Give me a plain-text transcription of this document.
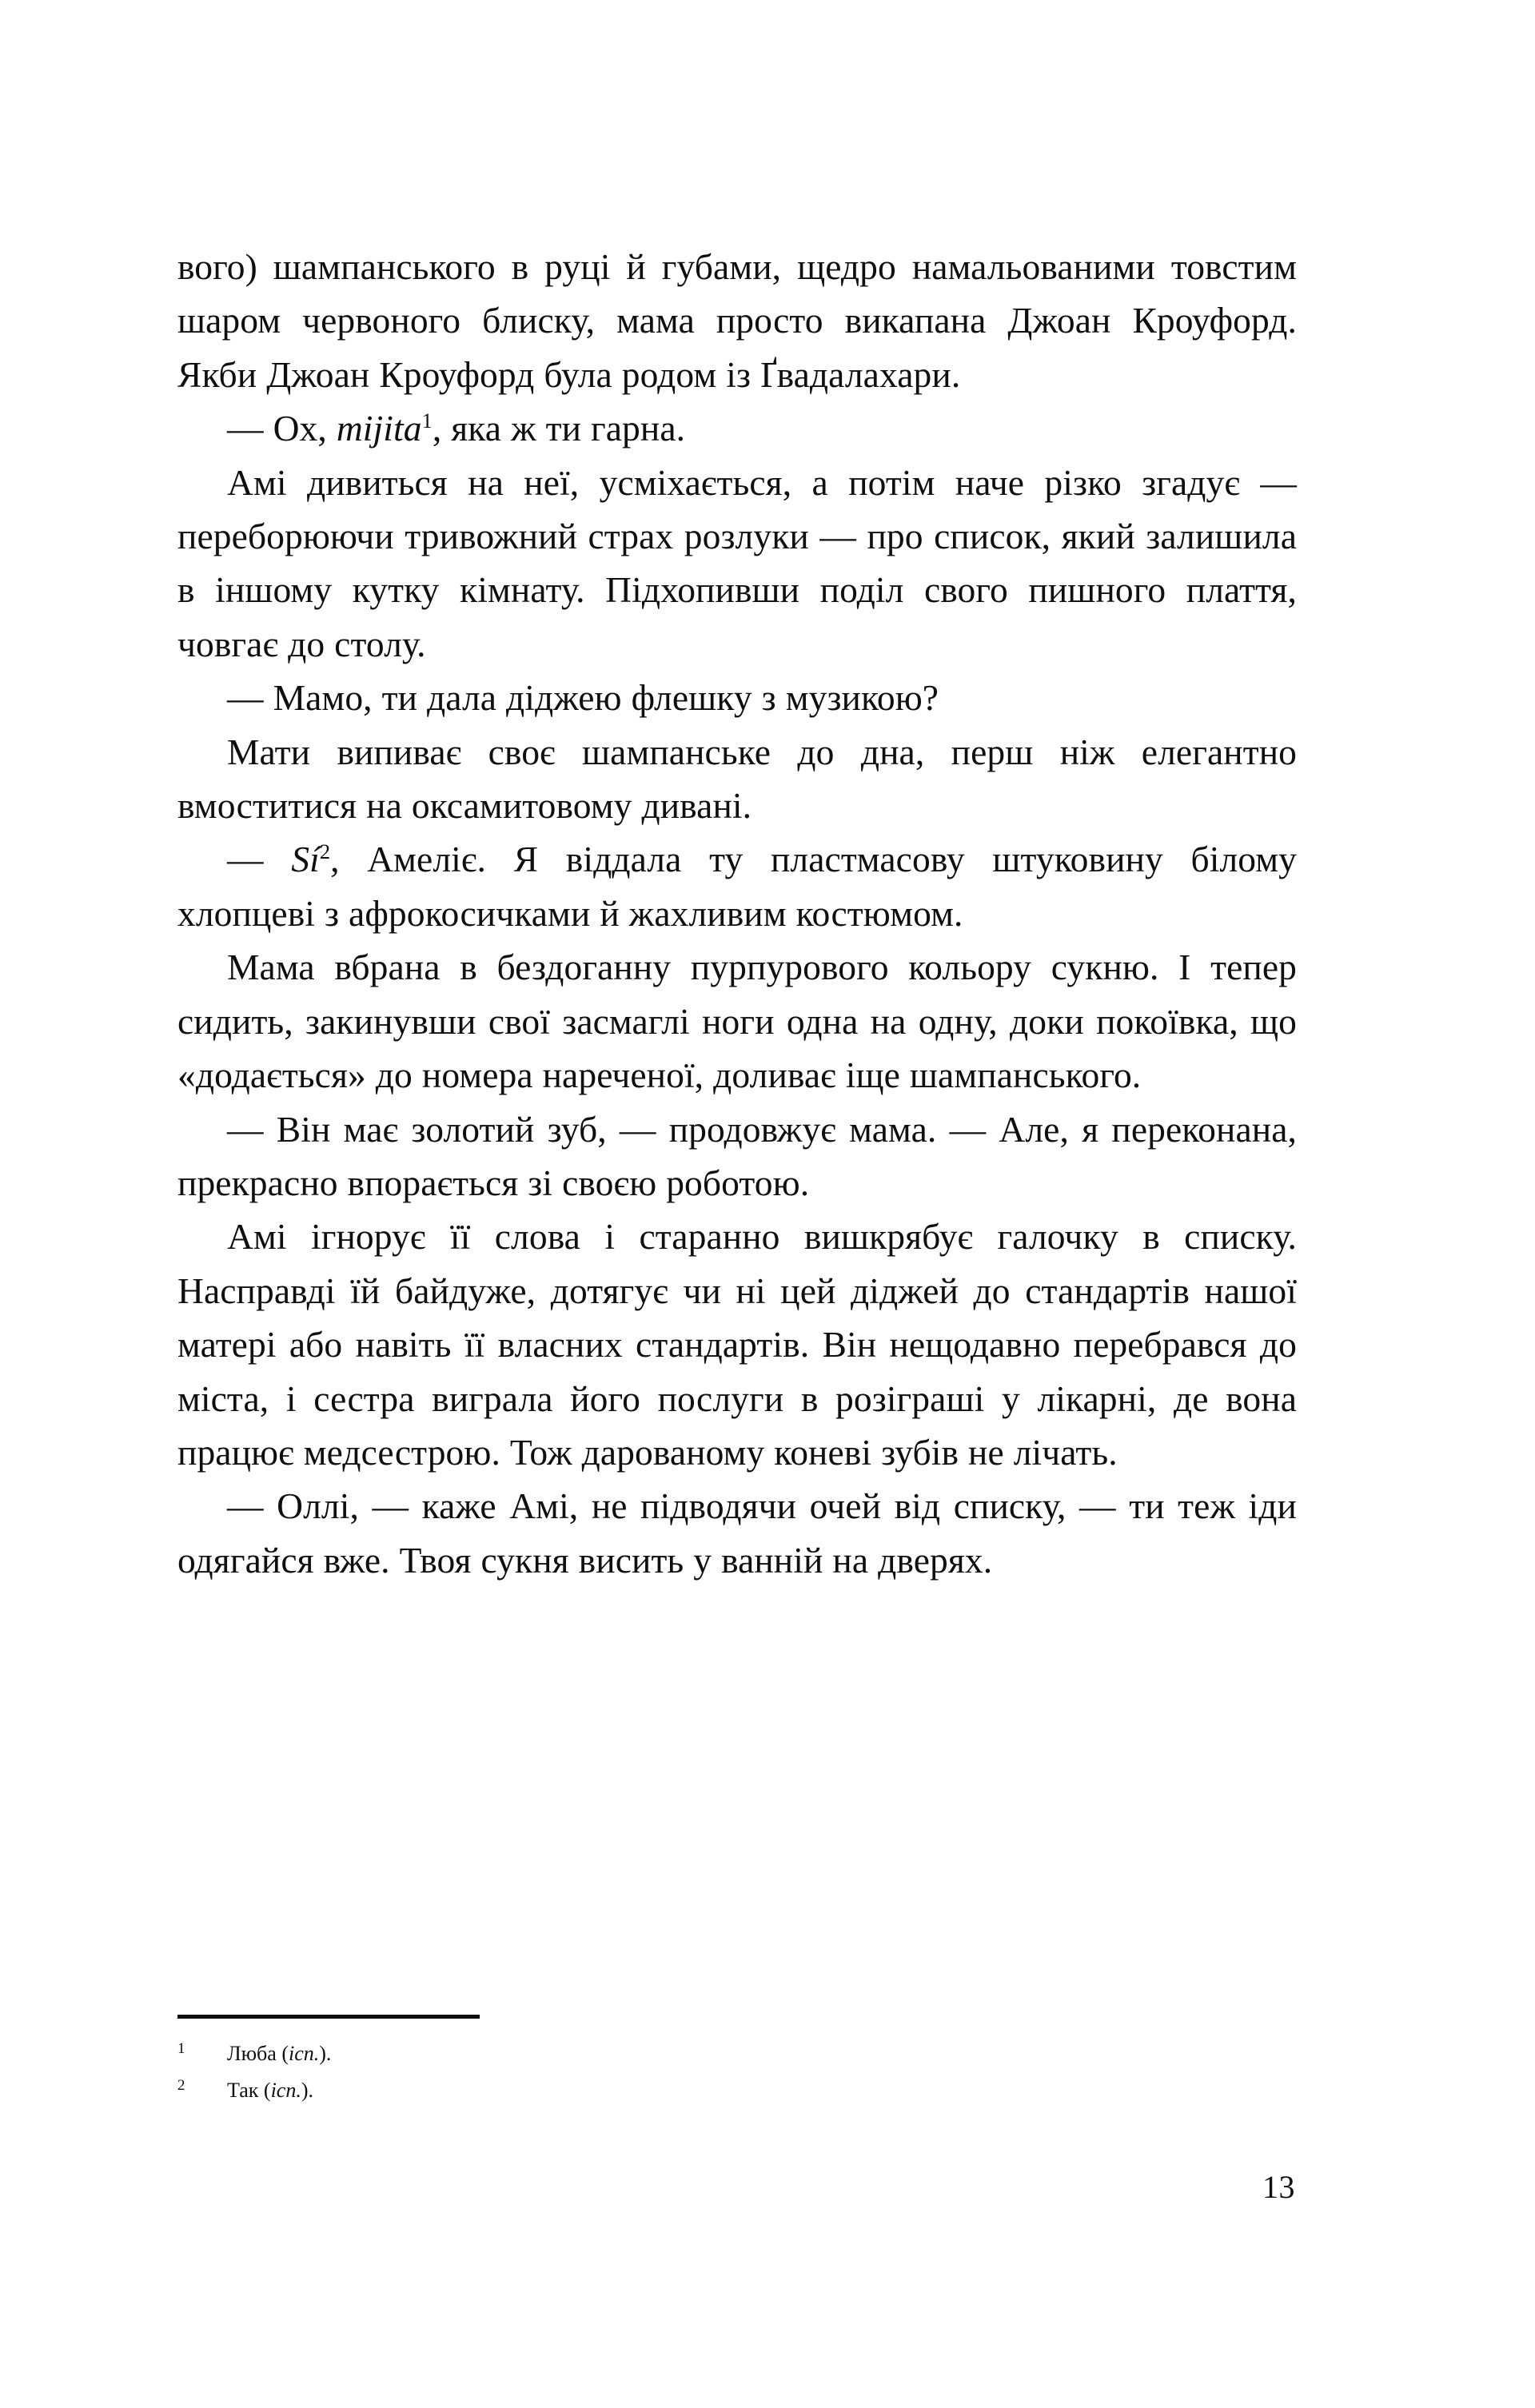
вого) шампанського в руці й губами, щедро намальованими товстим шаром червоного блиску, мама просто викапана Джоан Кроуфорд. Якби Джоан Кроуфорд була родом із Ґвадалахари.

— Ох, mijita$^1$, яка ж ти гарна.

Амі дивиться на неї, усміхається, а потім наче різко згадує — переборюючи тривожний страх розлуки — про список, який залишила в іншому кутку кімнату. Підхопивши поділ свого пишного плаття, човгає до столу.

— Мамо, ти дала діджею флешку з музикою?

Мати випиває своє шампанське до дна, перш ніж елегантно вмоститися на оксамитовому дивані.

— Sí$^2$, Амеліє. Я віддала ту пластмасову штуковину білому хлопцеві з афрокосичками й жахливим костюмом.

Мама вбрана в бездоганну пурпурового кольору сукню. І тепер сидить, закинувши свої засмаглі ноги одна на одну, доки покоївка, що «додається» до номера нареченої, доливає іще шампанського.

— Він має золотий зуб, — продовжує мама. — Але, я переконана, прекрасно впорається зі своєю роботою.

Амі ігнорує її слова і старанно вишкрябує галочку в списку. Насправді їй байдуже, дотягує чи ні цей діджей до стандартів нашої матері або навіть її власних стандартів. Він нещодавно перебрався до міста, і сестра виграла його послуги в розіграші у лікарні, де вона працює медсестрою. Тож дарованому коневі зубів не лічать.

— Оллі, — каже Амі, не підводячи очей від списку, — ти теж іди одягайся вже. Твоя сукня висить у ванній на дверях.

1	Люба (ісп.).
2	Так (ісп.).
13
